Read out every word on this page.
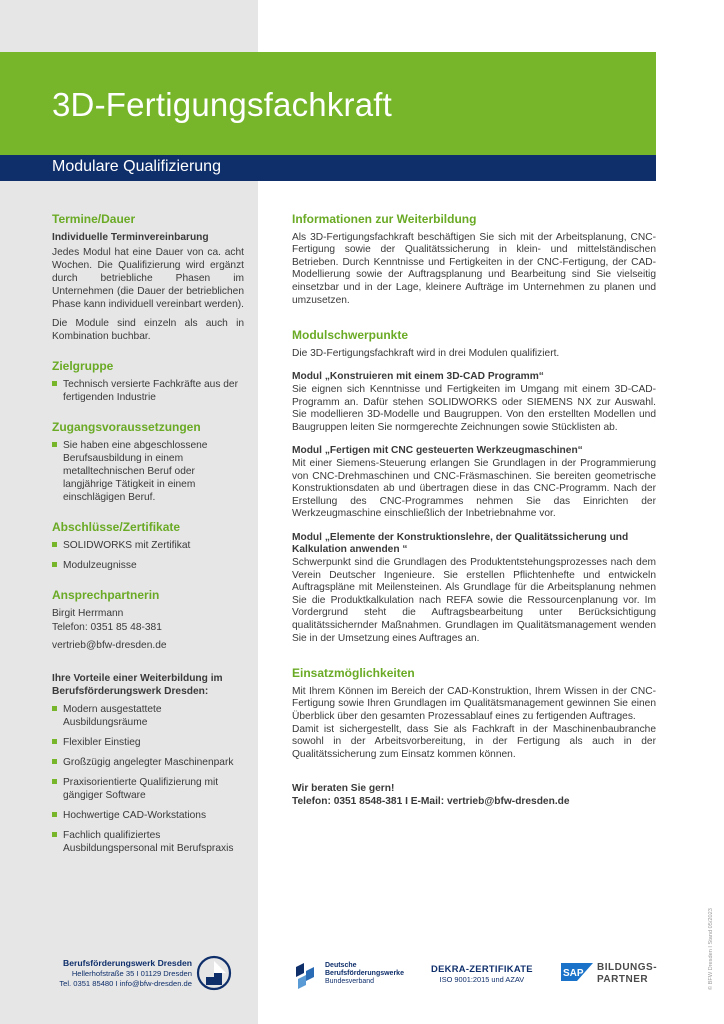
3D-Fertigungsfachkraft
Modulare Qualifizierung
Termine/Dauer
Individuelle Terminvereinbarung

Jedes Modul hat eine Dauer von ca. acht Wochen. Die Qualifizierung wird ergänzt durch betriebliche Phasen im Unternehmen (die Dauer der betrieblichen Phase kann individuell vereinbart werden).

Die Module sind einzeln als auch in Kombination buchbar.

Zielgruppe
Technisch versierte Fachkräfte aus der fertigenden Industrie
Zugangsvoraussetzungen
Sie haben eine abgeschlossene Berufsausbildung in einem metalltechnischen Beruf oder langjährige Tätigkeit in einem einschlägigen Beruf.
Abschlüsse/Zertifikate
SOLIDWORKS mit Zertifikat
Modulzeugnisse
Ansprechpartnerin
Birgit Herrmann
Telefon: 0351 85 48-381
vertrieb@bfw-dresden.de
Ihre Vorteile einer Weiterbildung im Berufsförderungswerk Dresden:
Modern ausgestattete Ausbildungsräume
Flexibler Einstieg
Großzügig angelegter Maschinenpark
Praxisorientierte Qualifizierung mit gängiger Software
Hochwertige CAD-Workstations
Fachlich qualifiziertes Ausbildungspersonal mit Berufspraxis
Informationen zur Weiterbildung

Als 3D-Fertigungsfachkraft beschäftigen Sie sich mit der Arbeitsplanung, CNC-Fertigung sowie der Qualitätssicherung in klein- und mittelständischen Betrieben. Durch Kenntnisse und Fertigkeiten in der CNC-Fertigung, der CAD-Modellierung sowie der Auftragsplanung und Bearbeitung sind Sie vielseitig einsetzbar und in der Lage, kleinere Aufträge im Unternehmen zu planen und umzusetzen.

Modulschwerpunkte

Die 3D-Fertigungsfachkraft wird in drei Modulen qualifiziert.

Modul „Konstruieren mit einem 3D-CAD Programm“

Sie eignen sich Kenntnisse und Fertigkeiten im Umgang mit einem 3D-CAD-Programm an. Dafür stehen SOLIDWORKS oder SIEMENS NX zur Auswahl. Sie modellieren 3D-Modelle und Baugruppen. Von den erstellten Modellen und Baugruppen leiten Sie normgerechte Zeichnungen sowie Stücklisten ab.

Modul „Fertigen mit CNC gesteuerten Werkzeugmaschinen“

Mit einer Siemens-Steuerung erlangen Sie Grundlagen in der Programmierung von CNC-Drehmaschinen und CNC-Fräsmaschinen. Sie bereiten geometrische Konstruktionsdaten ab und übertragen diese in das CNC-Programm. Nach der Erstellung des CNC-Programmes nehmen Sie das Einrichten der Werkzeugmaschine einschließlich der Inbetriebnahme vor.

Modul „Elemente der Konstruktionslehre, der Qualitätssicherung und Kalkulation anwenden “

Schwerpunkt sind die Grundlagen des Produktentstehungsprozesses nach dem Verein Deutscher Ingenieure. Sie erstellen Pflichtenhefte und entwickeln Auftragspläne mit Meilensteinen. Als Grundlage für die Arbeitsplanung nehmen Sie die Produktkalkulation nach REFA sowie die Ressourcenplanung vor. Im Vordergrund steht die Auftragsbearbeitung unter Berücksichtigung qualitätssichernder Maßnahmen. Grundlagen im Qualitätsmanagement wenden Sie in der Umsetzung eines Auftrages an.

Einsatzmöglichkeiten

Mit Ihrem Können im Bereich der CAD-Konstruktion, Ihrem Wissen in der CNC-Fertigung sowie Ihren Grundlagen im Qualitätsmanagement gewinnen Sie einen Überblick über den gesamten Prozessablauf eines zu fertigenden Auftrages.

Damit ist sichergestellt, dass Sie als Fachkraft in der Maschinenbaubranche sowohl in der Arbeitsvorbereitung, in der Fertigung als auch in der Qualitätssicherung zum Einsatz kommen können.

Wir beraten Sie gern!
Telefon: 0351 8548-381 I E-Mail: vertrieb@bfw-dresden.de
Berufsförderungswerk Dresden
Hellerhofstraße 35 I 01129 Dresden
Tel. 0351 85480 I info@bfw-dresden.de
Deutsche
Berufsförderungswerke
Bundesverband
DEKRA-ZERTIFIKATE
ISO 9001:2015 und AZAV
SAP
BILDUNGS-
PARTNER	© BFW Dresden I Stand 05/2023
